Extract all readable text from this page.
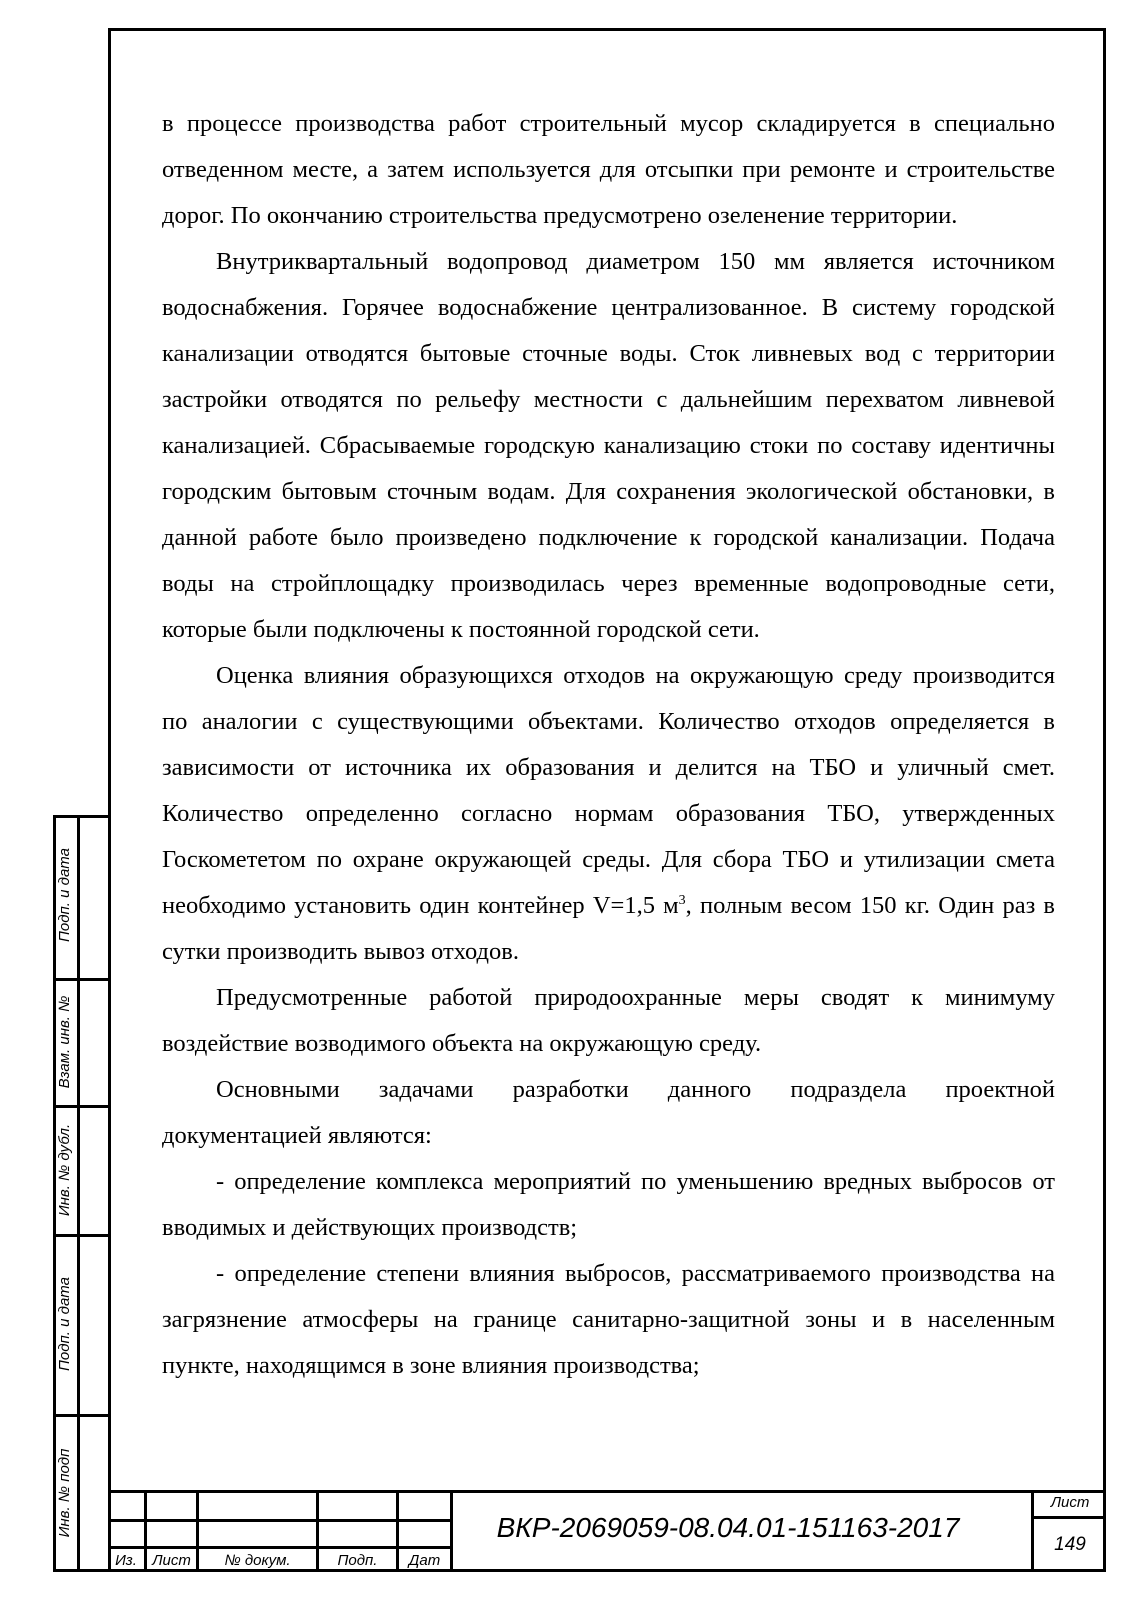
в процессе производства работ строительный мусор складируется в специально отведенном месте, а затем используется для отсыпки при ремонте и строительстве дорог. По окончанию строительства предусмотрено озеленение территории.

Внутриквартальный водопровод диаметром 150 мм является источником водоснабжения. Горячее водоснабжение централизованное. В систему городской канализации отводятся бытовые сточные воды. Сток ливневых вод с территории застройки отводятся по рельефу местности с дальнейшим перехватом ливневой канализацией. Сбрасываемые городскую канализацию стоки по составу идентичны городским бытовым сточным водам. Для сохранения экологической обстановки, в данной работе было произведено подключение к городской канализации. Подача воды на стройплощадку производилась через временные водопроводные сети, которые были подключены к постоянной городской сети.

Оценка влияния образующихся отходов на окружающую среду производится по аналогии с существующими объектами. Количество отходов определяется в зависимости от источника их образования и делится на ТБО и уличный смет. Количество определенно согласно нормам образования ТБО, утвержденных Госкомететом по охране окружающей среды. Для сбора ТБО и утилизации смета необходимо установить один контейнер V=1,5 $м^3$, полным весом 150 кг. Один раз в сутки производить вывоз отходов.

Предусмотренные работой природоохранные меры сводят к минимуму воздействие возводимого объекта на окружающую среду.

Основными задачами разработки данного подраздела проектной документацией являются:

- определение комплекса мероприятий по уменьшению вредных выбросов от вводимых и действующих производств;

- определение степени влияния выбросов, рассматриваемого производства на загрязнение атмосферы на границе санитарно-защитной зоны и в населенным пункте, находящимся в зоне влияния производства;

Подп. и дата
Взам. инв. №
Инв. № дубл.
Подп. и дата
Инв. № подп
Из.	Лист	№ докум.	Подп.	Дат
ВКР-2069059-08.04.01-151163-2017
Лист
149
